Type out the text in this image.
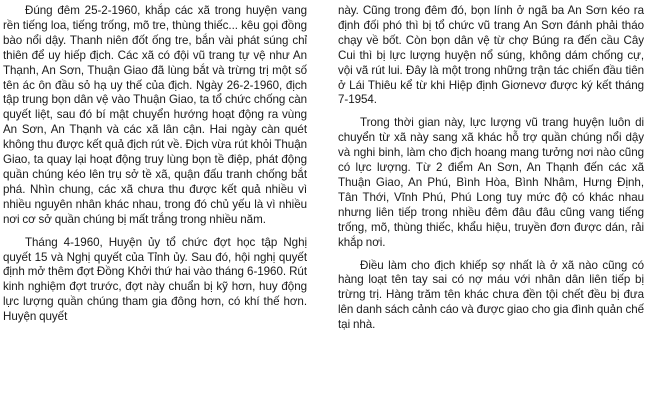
Đúng đêm 25-2-1960, khắp các xã trong huyện vang rền tiếng loa, tiếng trống, mõ tre, thùng thiếc... kêu gọi đồng bào nổi dậy. Thanh niên đốt ống tre, bắn vài phát súng chỉ thiên để uy hiếp địch. Các xã có đội vũ trang tự vệ như An Thạnh, An Sơn, Thuận Giao đã lùng bắt và trừng trị một số tên ác ôn đầu sỏ hạ uy thế của địch. Ngày 26-2-1960, địch tập trung bọn dân vệ vào Thuận Giao, ta tổ chức chống càn quyết liệt, sau đó bí mật chuyển hướng hoạt động ra vùng An Sơn, An Thạnh và các xã lân cận. Hai ngày càn quét không thu được kết quả địch rút về. Địch vừa rút khỏi Thuận Giao, ta quay lại hoạt động truy lùng bọn tề điệp, phát động quần chúng kéo lên trụ sở tề xã, quận đấu tranh chống bắt phá. Nhìn chung, các xã chưa thu được kết quả nhiều vì nhiều nguyên nhân khác nhau, trong đó chủ yếu là vì nhiều nơi cơ sở quần chúng bị mất trắng trong nhiều năm.

Tháng 4-1960, Huyện ủy tổ chức đợt học tập Nghị quyết 15 và Nghị quyết của Tỉnh ủy. Sau đó, hội nghị quyết định mở thêm đợt Đồng Khởi thứ hai vào tháng 6-1960. Rút kinh nghiệm đợt trước, đợt này chuẩn bị kỹ hơn, huy động lực lượng quần chúng tham gia đông hơn, có khí thế hơn. Huyện quyết

này. Cũng trong đêm đó, bọn lính ở ngã ba An Sơn kéo ra định đối phó thì bị tổ chức vũ trang An Sơn đánh phải tháo chạy về bốt. Còn bọn dân vệ từ chợ Búng ra đến cầu Cây Cui thì bị lực lượng huyện nổ súng, không dám chống cự, vội vã rút lui. Đây là một trong những trận tác chiến đầu tiên ở Lái Thiêu kể từ khi Hiệp định Giơnevơ được ký kết tháng 7-1954.

Trong thời gian này, lực lượng vũ trang huyện luôn di chuyển từ xã này sang xã khác hỗ trợ quần chúng nổi dậy và nghi binh, làm cho địch hoang mang tưởng nơi nào cũng có lực lượng. Từ 2 điểm An Sơn, An Thạnh đến các xã Thuận Giao, An Phú, Bình Hòa, Bình Nhâm, Hưng Định, Tân Thới, Vĩnh Phú, Phú Long tuy mức độ có khác nhau nhưng liên tiếp trong nhiều đêm đâu đâu cũng vang tiếng trống, mõ, thùng thiếc, khẩu hiệu, truyền đơn được dán, rải khắp nơi.

Điều làm cho địch khiếp sợ nhất là ở xã nào cũng có hàng loạt tên tay sai có nợ máu với nhân dân liên tiếp bị trừng trị. Hàng trăm tên khác chưa đền tội chết đều bị đưa lên danh sách cảnh cáo và được giao cho gia đình quản chế tại nhà.
